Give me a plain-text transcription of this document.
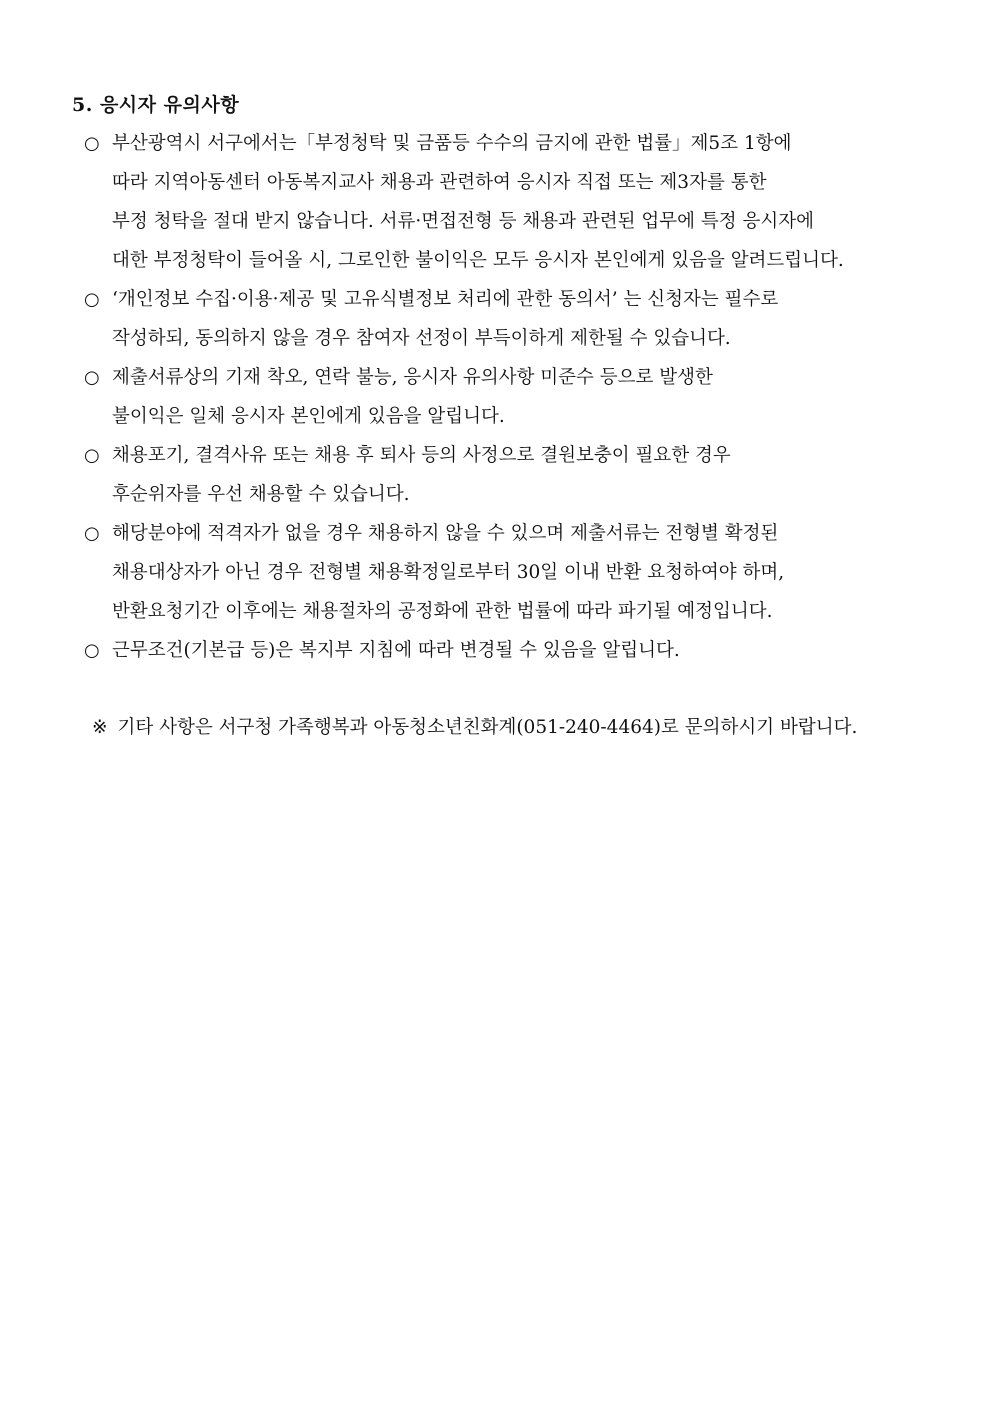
5. 응시자 유의사항
○ 부산광역시 서구에서는「부정청탁 및 금품등 수수의 금지에 관한 법률」제5조 1항에
따라 지역아동센터 아동복지교사 채용과 관련하여 응시자 직접 또는 제3자를 통한
부정 청탁을 절대 받지 않습니다. 서류·면접전형 등 채용과 관련된 업무에 특정 응시자에
대한 부정청탁이 들어올 시, 그로인한 불이익은 모두 응시자 본인에게 있음을 알려드립니다.
○ ‘개인정보 수집·이용·제공 및 고유식별정보 처리에 관한 동의서’ 는 신청자는 필수로
작성하되, 동의하지 않을 경우 참여자 선정이 부득이하게 제한될 수 있습니다.
○ 제출서류상의 기재 착오, 연락 불능, 응시자 유의사항 미준수 등으로 발생한
불이익은 일체 응시자 본인에게 있음을 알립니다.
○ 채용포기, 결격사유 또는 채용 후 퇴사 등의 사정으로 결원보충이 필요한 경우
후순위자를 우선 채용할 수 있습니다.
○ 해당분야에 적격자가 없을 경우 채용하지 않을 수 있으며 제출서류는 전형별 확정된
채용대상자가 아닌 경우 전형별 채용확정일로부터 30일 이내 반환 요청하여야 하며,
반환요청기간 이후에는 채용절차의 공정화에 관한 법률에 따라 파기될 예정입니다.
○ 근무조건(기본급 등)은 복지부 지침에 따라 변경될 수 있음을 알립니다.
※ 기타 사항은 서구청 가족행복과 아동청소년친화계(051-240-4464)로 문의하시기 바랍니다.
